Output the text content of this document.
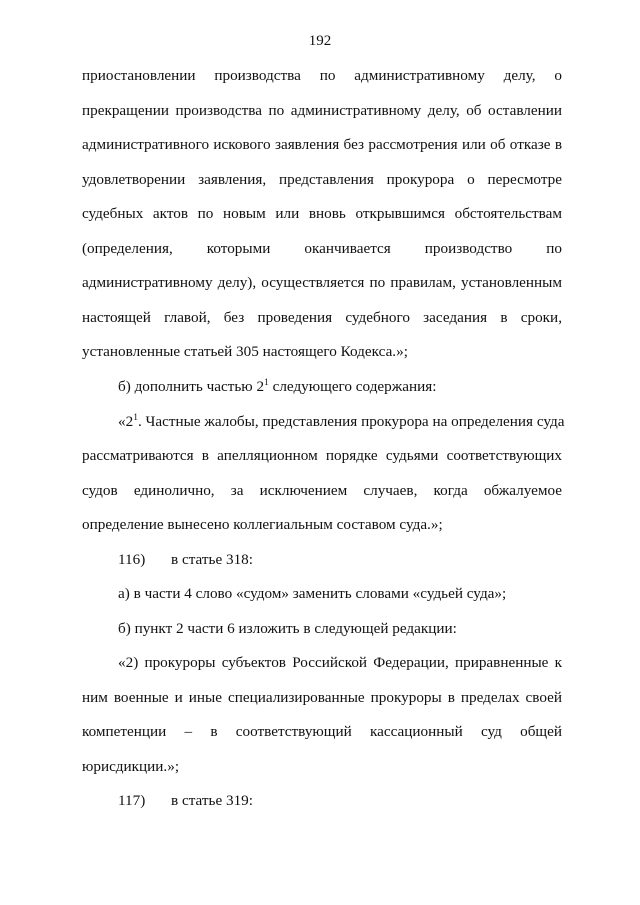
192
приостановлении производства по административному делу, о
прекращении производства по административному делу, об оставлении
административного искового заявления без рассмотрения или об отказе в
удовлетворении заявления, представления прокурора о пересмотре
судебных актов по новым или вновь открывшимся обстоятельствам
(определения, которыми оканчивается производство по
административному делу), осуществляется по правилам, установленным
настоящей главой, без проведения судебного заседания в сроки,
установленные статьей 305 настоящего Кодекса.»;
б) дополнить частью $2^1$ следующего содержания:
«$2^1$. Частные жалобы, представления прокурора на определения суда
рассматриваются в апелляционном порядке судьями соответствующих
судов единолично, за исключением случаев, когда обжалуемое
определение вынесено коллегиальным составом суда.»;
116) в статье 318:
а) в части 4 слово «судом» заменить словами «судьей суда»;
б) пункт 2 части 6 изложить в следующей редакции:
«2) прокуроры субъектов Российской Федерации, приравненные к
ним военные и иные специализированные прокуроры в пределах своей
компетенции – в соответствующий кассационный суд общей
юрисдикции.»;
117) в статье 319:
